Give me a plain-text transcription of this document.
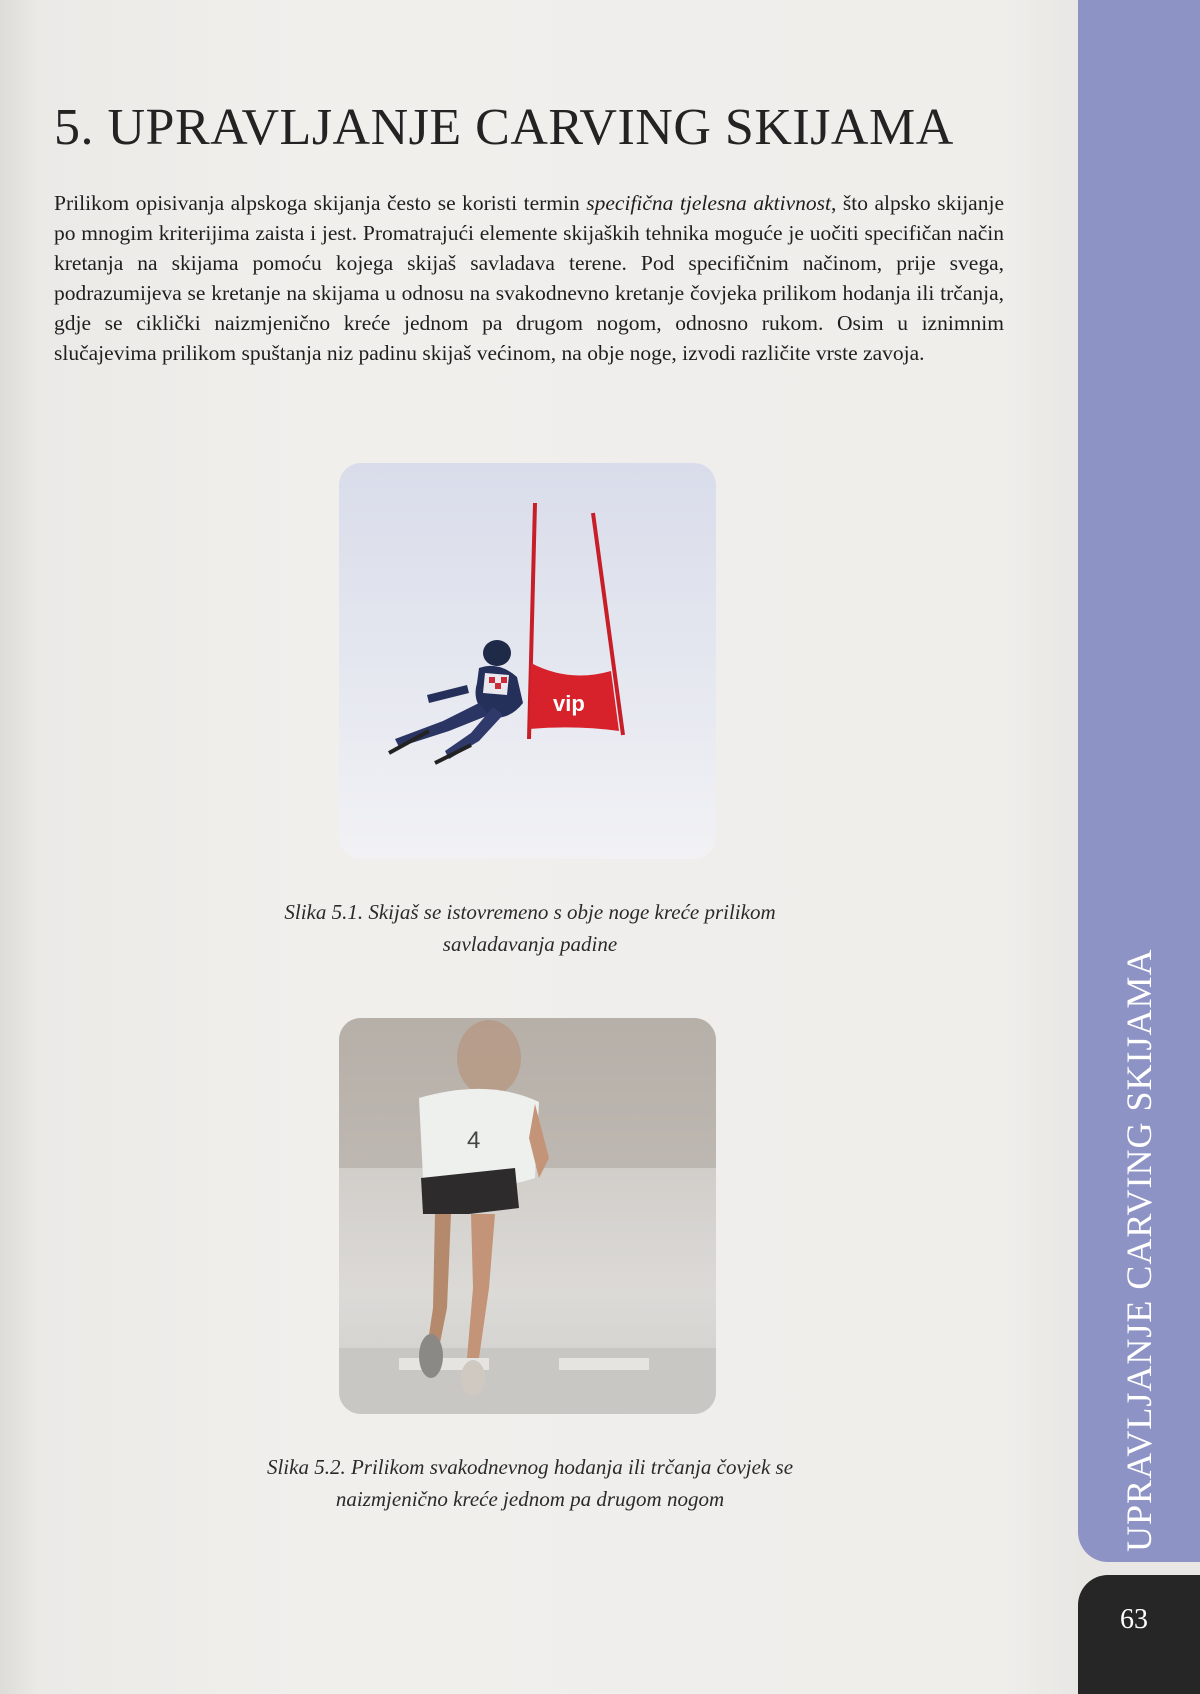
UPRAVLJANJE CARVING SKIJAMA
63
5. UPRAVLJANJE CARVING SKIJAMA

Prilikom opisivanja alpskoga skijanja često se koristi termin specifična tjelesna aktivnost, što alpsko skijanje po mnogim kriterijima zaista i jest. Promatrajući elemente skijaških tehnika moguće je uočiti specifičan način kretanja na skijama pomoću kojega skijaš savladava terene. Pod specifičnim načinom, prije svega, podrazumijeva se kretanje na skijama u odnosu na svakodnevno kretanje čovjeka prilikom hodanja ili trčanja, gdje se ciklički naizmjenično kreće jednom pa drugom nogom, odnosno rukom. Osim u iznimnim slučajevima prilikom spuštanja niz padinu skijaš većinom, na obje noge, izvodi različite vrste zavoja.

vip

Slika 5.1. Skijaš se istovremeno s obje noge kreće prilikom
savladavanja padine

4

Slika 5.2. Prilikom svakodnevnog hodanja ili trčanja čovjek se
naizmjenično kreće jednom pa drugom nogom
